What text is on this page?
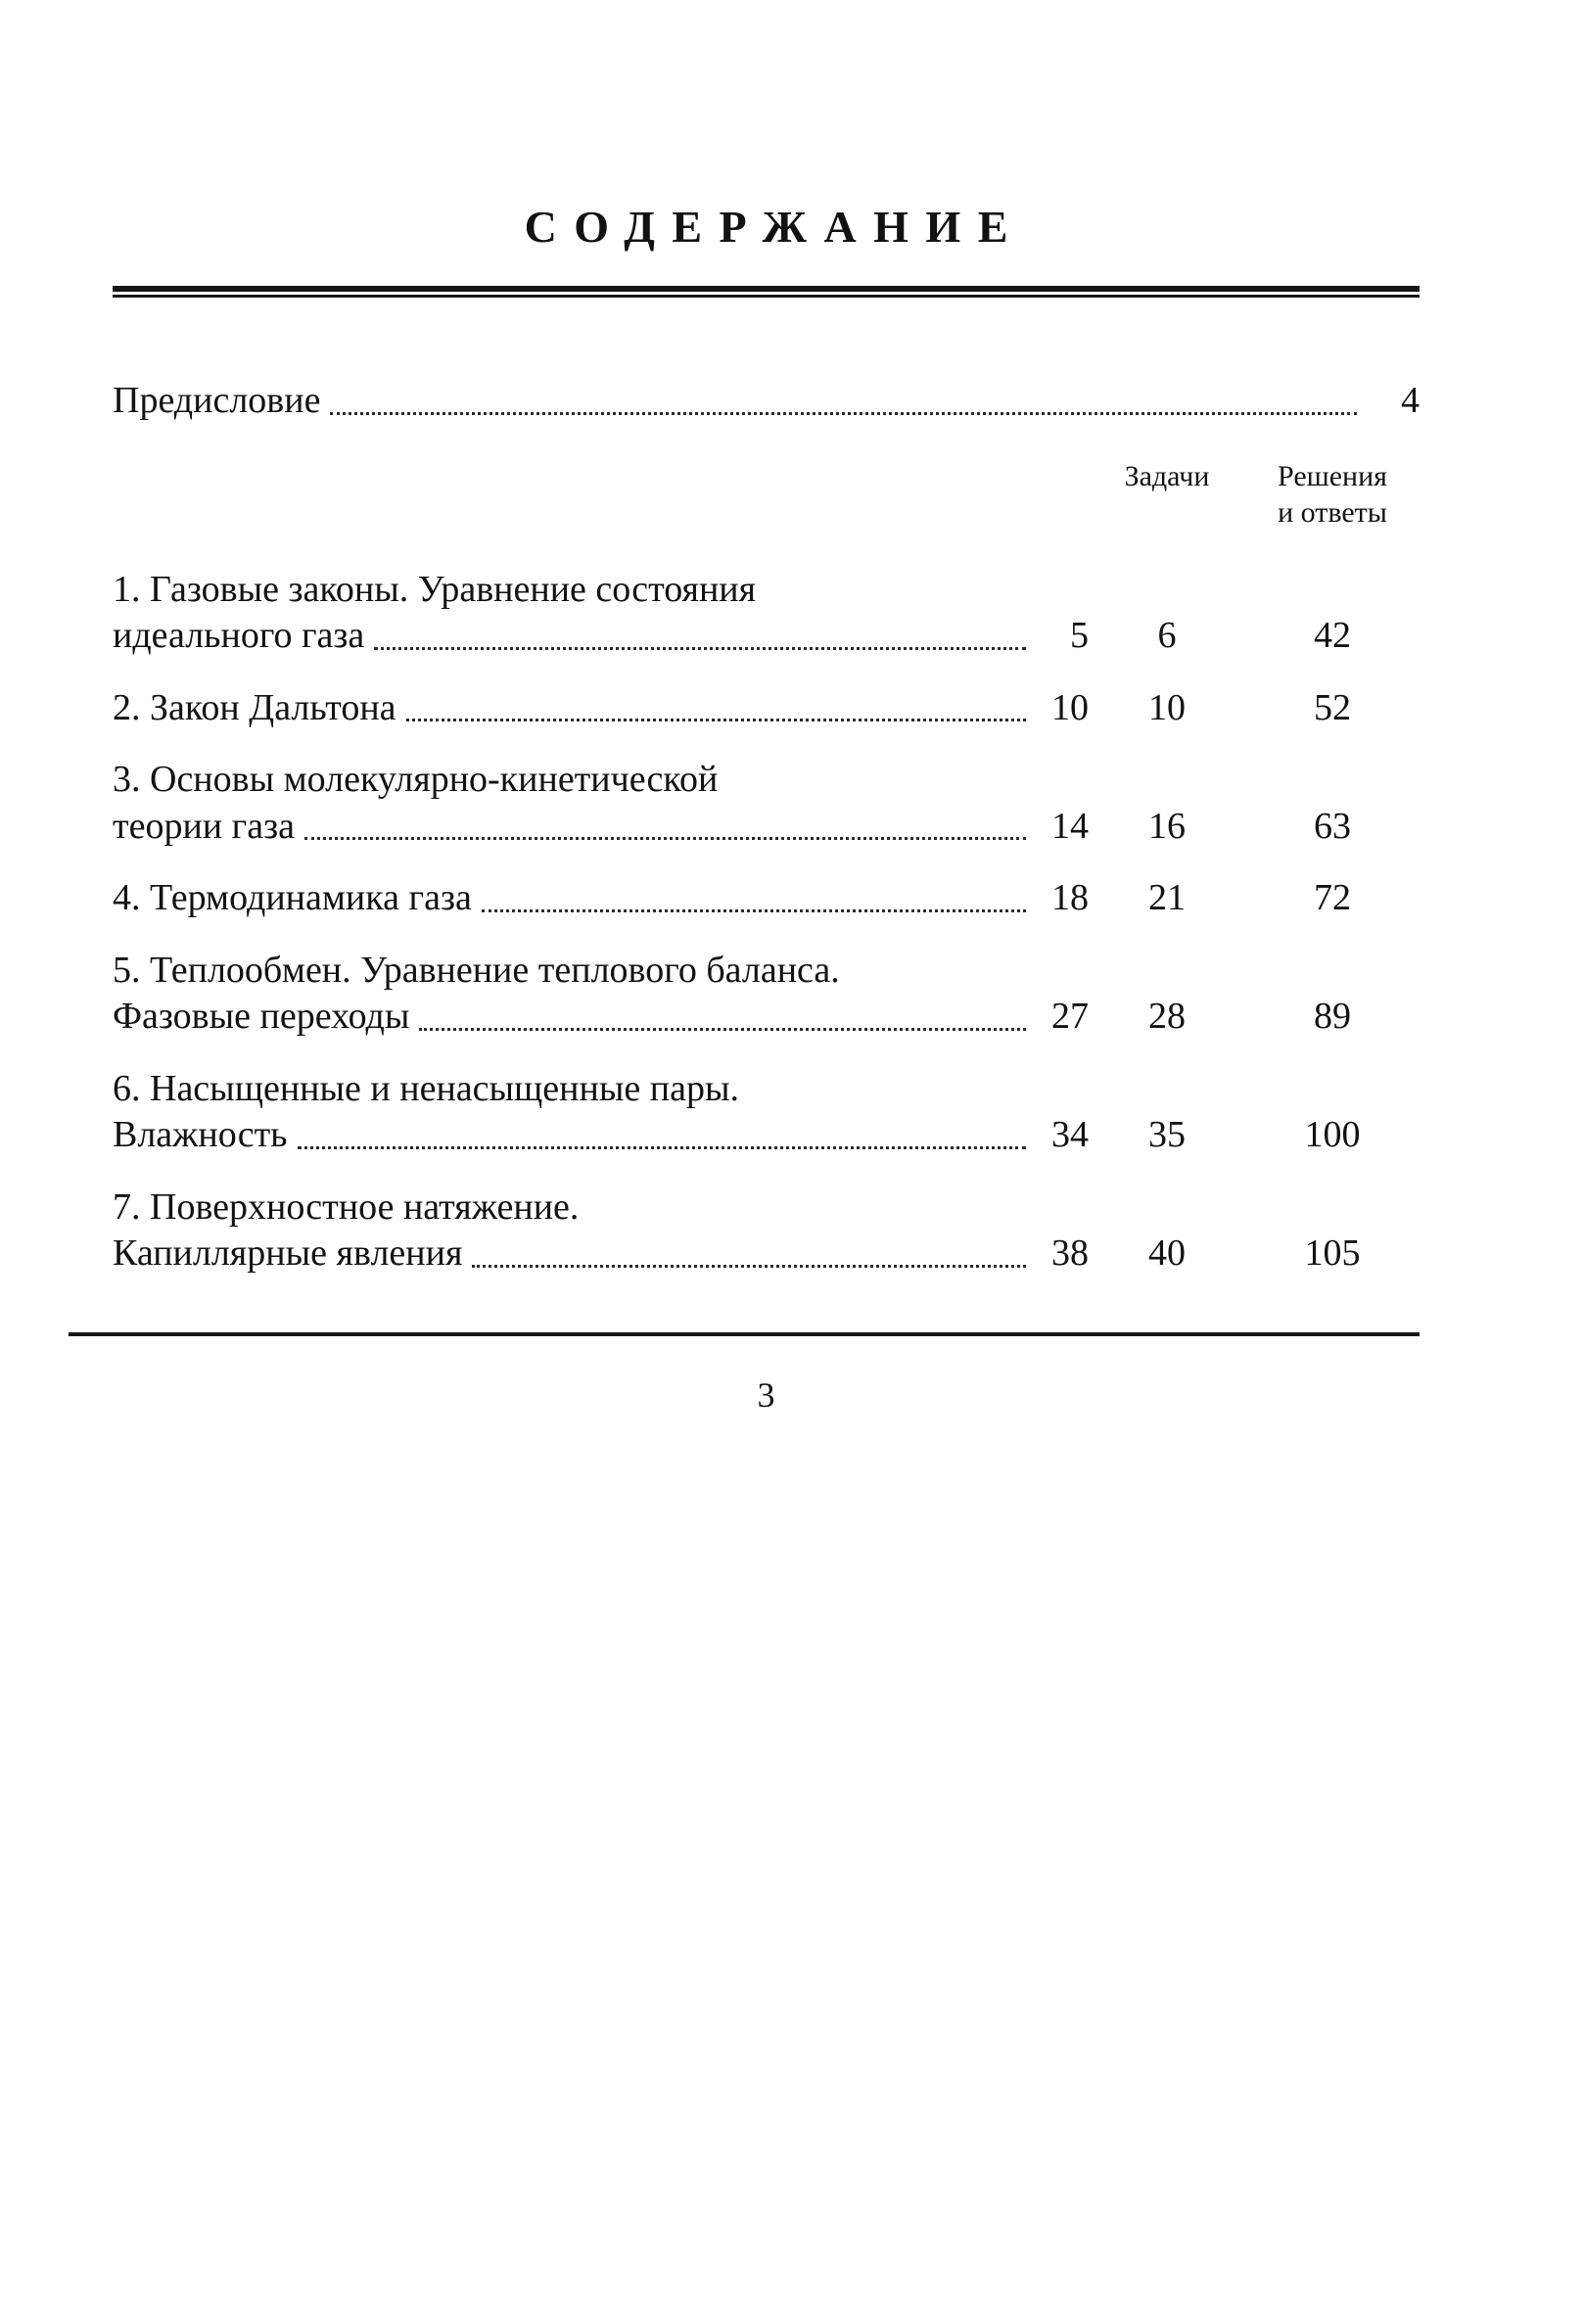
СОДЕРЖАНИЕ
Предисловие	4
Задачи	Решения
и ответы
1. Газовые законы. Уравнение состояния
идеального газа	5	6	42
2. Закон Дальтона	10	10	52
3. Основы молекулярно-кинетической
теории газа	14	16	63
4. Термодинамика газа	18	21	72
5. Теплообмен. Уравнение теплового баланса.
Фазовые переходы	27	28	89
6. Насыщенные и ненасыщенные пары.
Влажность	34	35	100
7. Поверхностное натяжение.
Капиллярные явления	38	40	105
3
